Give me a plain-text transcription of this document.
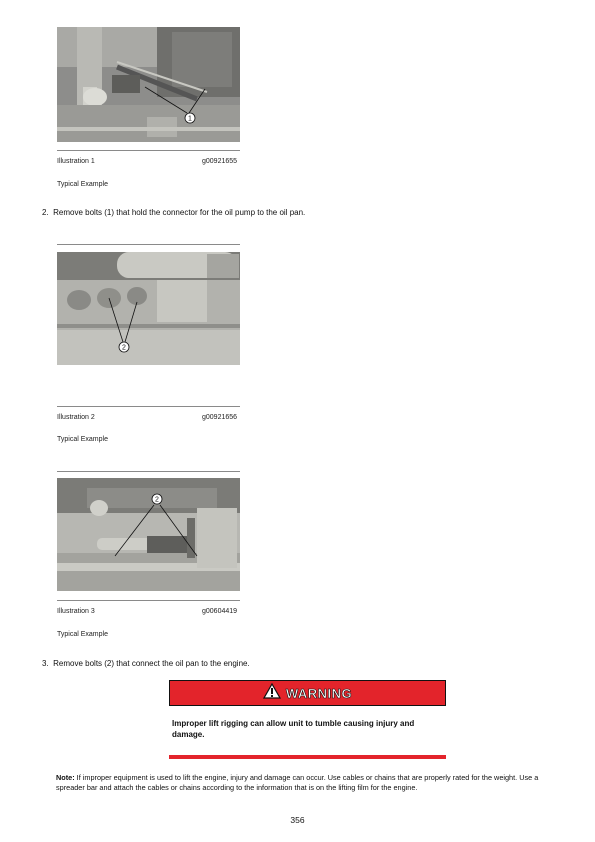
1
Illustration 1	g00921655
Typical Example
2. Remove bolts (1) that hold the connector for the oil pump to the oil pan.
2
Illustration 2	g00921656
Typical Example
2
Illustration 3	g00604419
Typical Example
3. Remove bolts (2) that connect the oil pan to the engine.
WARNING
Improper lift rigging can allow unit to tumble causing injury and damage.
Note: If improper equipment is used to lift the engine, injury and damage can occur. Use cables or chains that are properly rated for the weight. Use a spreader bar and attach the cables or chains according to the information that is on the lifting film for the engine.
356
